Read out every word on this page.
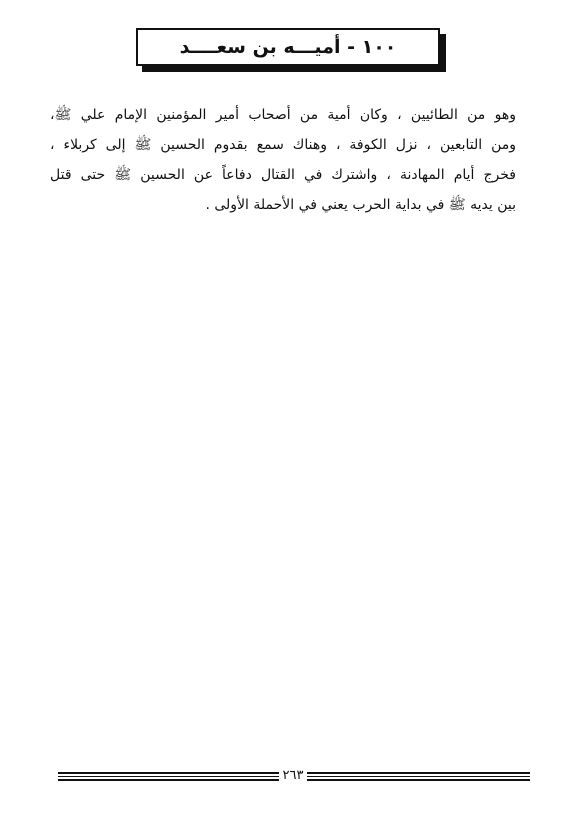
١٠٠ - أميـــه بن سعــــد
وهو من الطائيين ، وكان أمية من أصحاب أمير المؤمنين الإمام علي ﷺ،
ومن التابعين ، نزل الكوفة ، وهناك سمع بقدوم الحسين ﷺ إلى كربلاء ،
فخرج أيام المهادنة ، واشترك في القتال دفاعاً عن الحسين ﷺ حتى قتل
بين يديه ﷺ في بداية الحرب يعني في الأحملة الأولى .
٢٦٣
